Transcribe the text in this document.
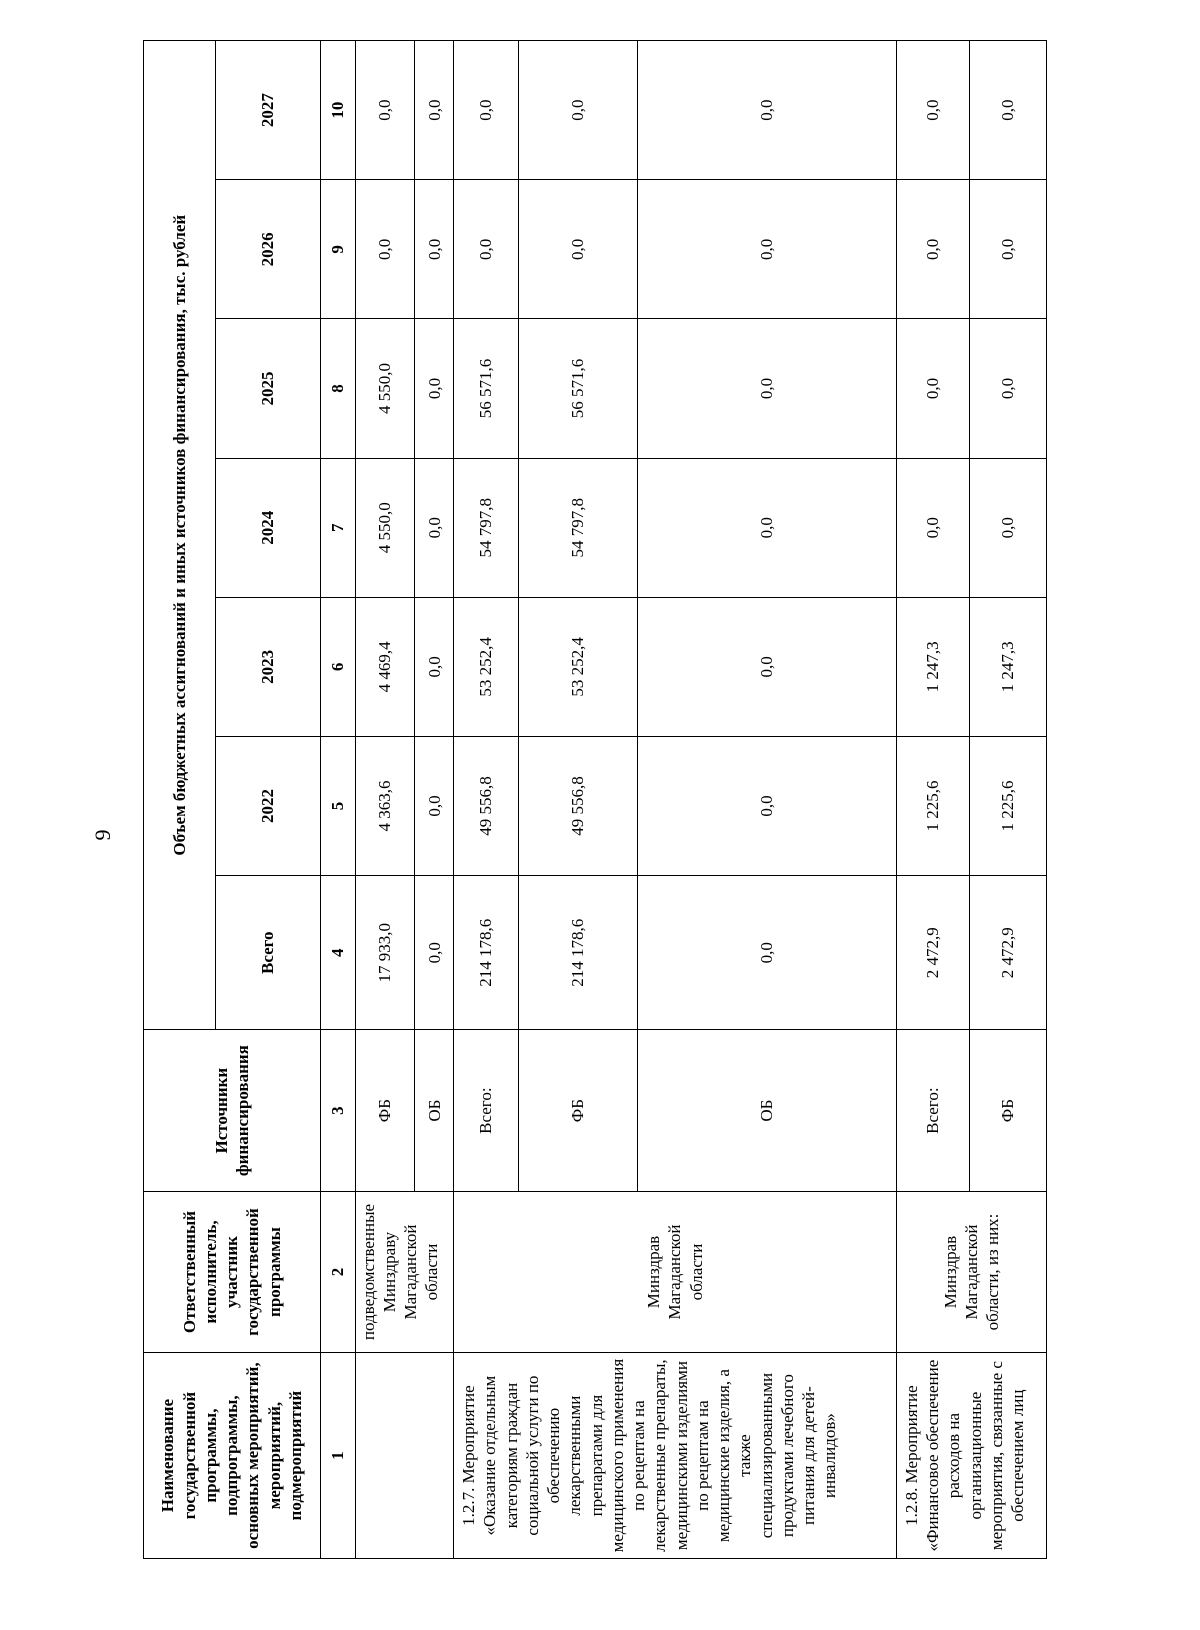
9
Наименование государственной программы, подпрограммы, основных мероприятий, мероприятий, подмероприятий	Ответственный исполнитель, участник государственной программы	Источники финансирования	Объем бюджетных ассигнований и иных источников финансирования, тыс. рублей						
			Всего	2022	2023	2024	2025	2026	2027
1	2	3	4	5	6	7	8	9	10
	подведомственные Минздраву Магаданской области	ФБ	17 933,0	4 363,6	4 469,4	4 550,0	4 550,0	0,0	0,0
		ОБ	0,0	0,0	0,0	0,0	0,0	0,0	0,0
1.2.7. Мероприятие «Оказание отдельным категориям граждан социальной услуги по обеспечению лекарственными препаратами для медицинского применения по рецептам на лекарственные препараты, медицинскими изделиями по рецептам на медицинские изделия, а также специализированными продуктами лечебного питания для детей-инвалидов»	Минздрав Магаданской области	Всего:	214 178,6	49 556,8	53 252,4	54 797,8	56 571,6	0,0	0,0
		ФБ	214 178,6	49 556,8	53 252,4	54 797,8	56 571,6	0,0	0,0
		ОБ	0,0	0,0	0,0	0,0	0,0	0,0	0,0
1.2.8. Мероприятие «Финансовое обеспечение расходов на организационные мероприятия, связанные с обеспечением лиц	Минздрав Магаданской области, из них:	Всего:	2 472,9	1 225,6	1 247,3	0,0	0,0	0,0	0,0
		ФБ	2 472,9	1 225,6	1 247,3	0,0	0,0	0,0	0,0
